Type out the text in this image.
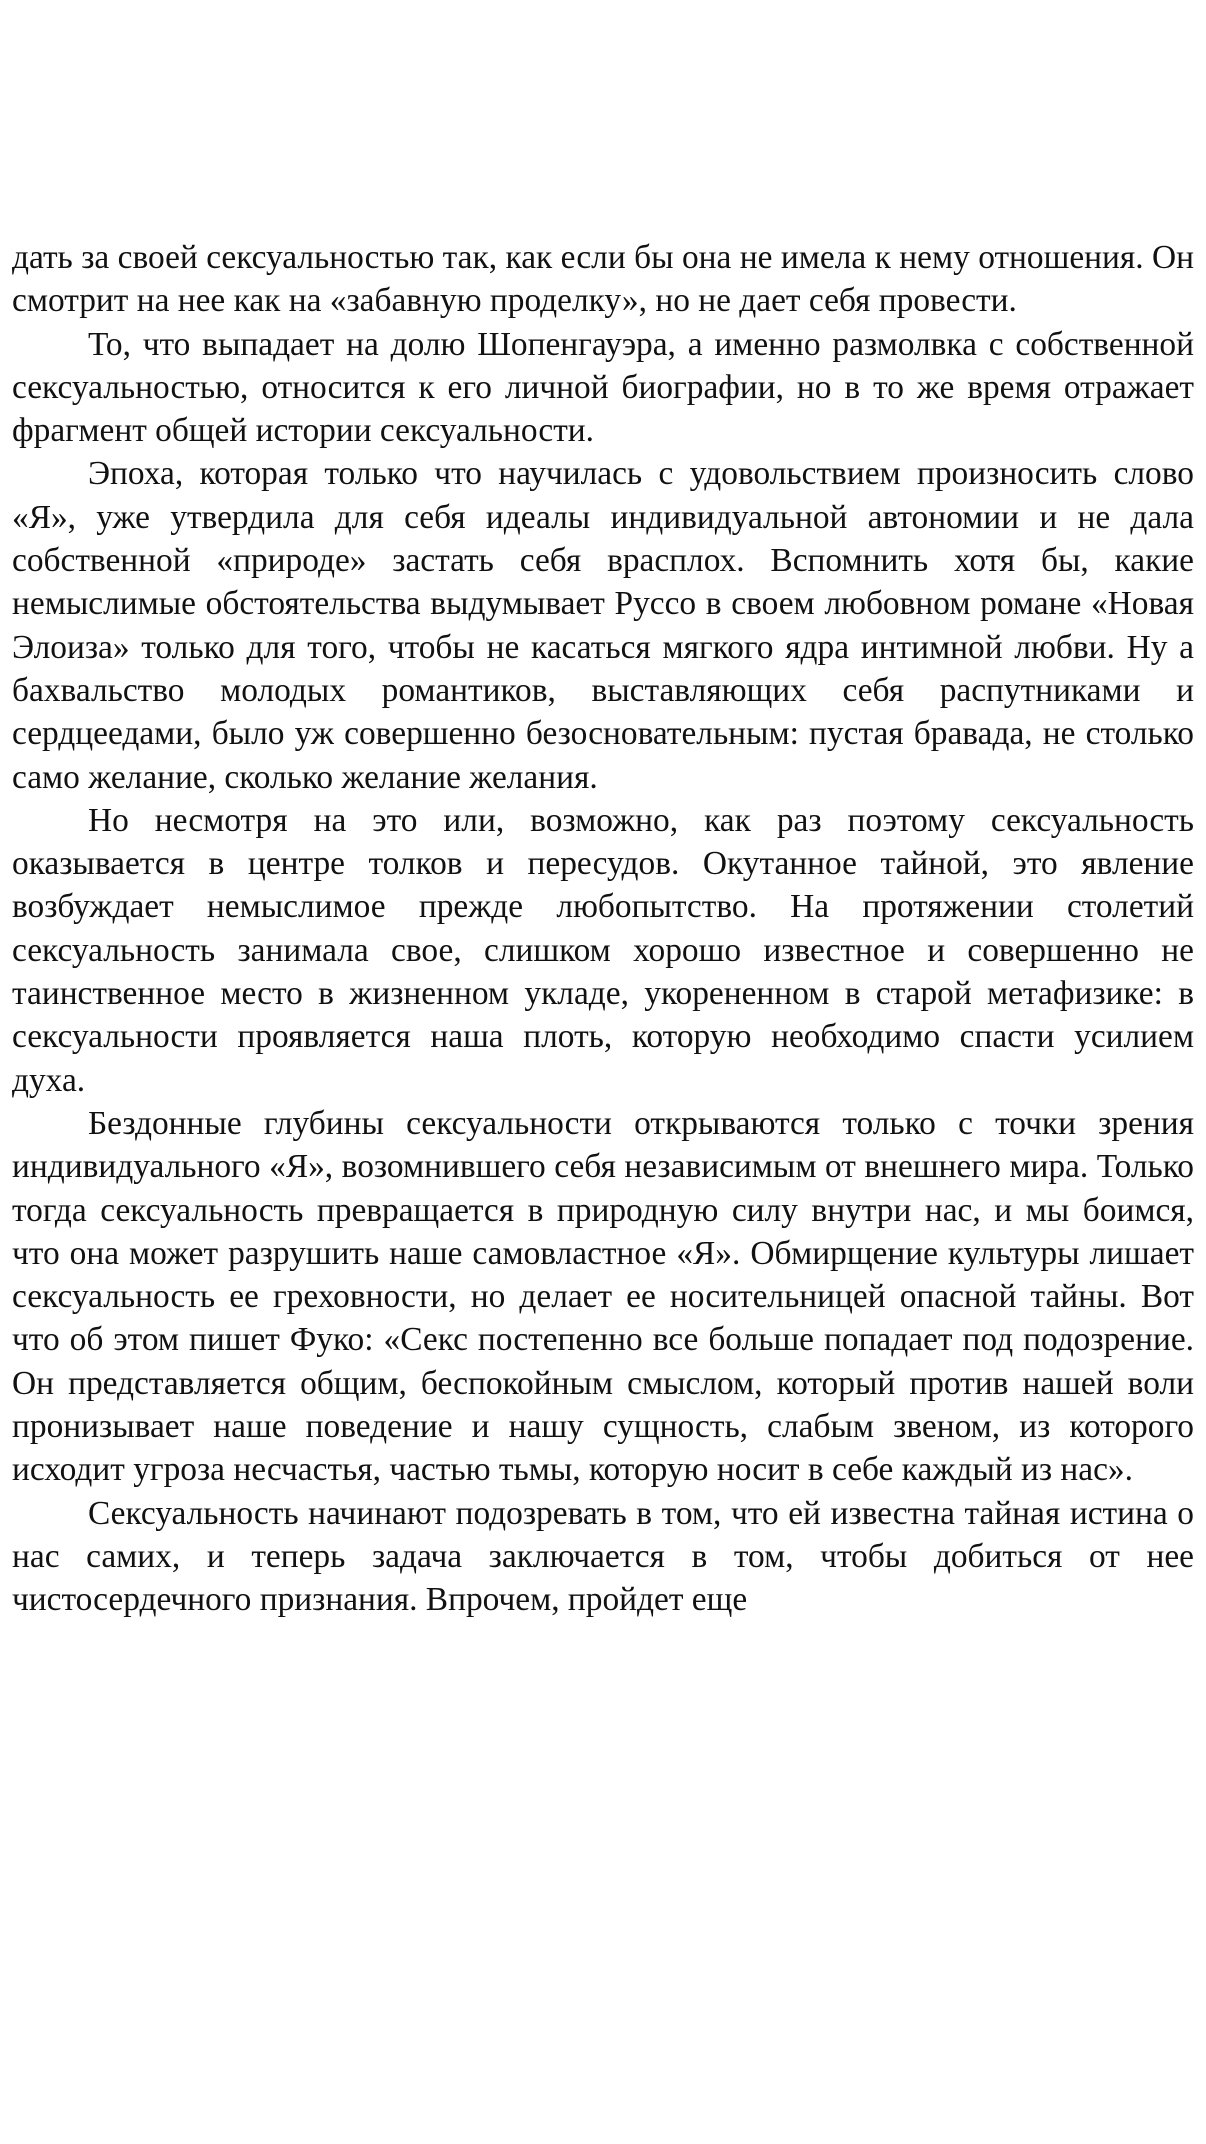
дать за своей сексуальностью так, как если бы она не имела к нему отношения. Он смотрит на нее как на «забавную проделку», но не дает себя провести.

То, что выпадает на долю Шопенгауэра, а именно размолвка с собственной сексуальностью, относится к его личной биографии, но в то же время отражает фрагмент общей истории сексуальности.

Эпоха, которая только что научилась с удовольствием произносить слово «Я», уже утвердила для себя идеалы индивидуальной автономии и не дала собственной «природе» застать себя врасплох. Вспомнить хотя бы, какие немыслимые обстоятельства выдумывает Руссо в своем любовном романе «Новая Элоиза» только для того, чтобы не касаться мягкого ядра интимной любви. Ну а бахвальство молодых романтиков, выставляющих себя распутниками и сердцеедами, было уж совершенно безосновательным: пустая бравада, не столько само желание, сколько желание желания.

Но несмотря на это или, возможно, как раз поэтому сексуальность оказывается в центре толков и пересудов. Окутанное тайной, это явление возбуждает немыслимое прежде любопытство. На протяжении столетий сексуальность занимала свое, слишком хорошо известное и совершенно не таинственное место в жизненном укладе, укорененном в старой метафизике: в сексуальности проявляется наша плоть, которую необходимо спасти усилием духа.

Бездонные глубины сексуальности открываются только с точки зрения индивидуального «Я», возомнившего себя независимым от внешнего мира. Только тогда сексуальность превращается в природную силу внутри нас, и мы боимся, что она может разрушить наше самовластное «Я». Обмирщение культуры лишает сексуальность ее греховности, но делает ее носительницей опасной тайны. Вот что об этом пишет Фуко: «Секс постепенно все больше попадает под подозрение. Он представляется общим, беспокойным смыслом, который против нашей воли пронизывает наше поведение и нашу сущность, слабым звеном, из которого исходит угроза несчастья, частью тьмы, которую носит в себе каждый из нас».

Сексуальность начинают подозревать в том, что ей известна тайная истина о нас самих, и теперь задача заключается в том, чтобы добиться от нее чистосердечного признания. Впрочем, пройдет еще
